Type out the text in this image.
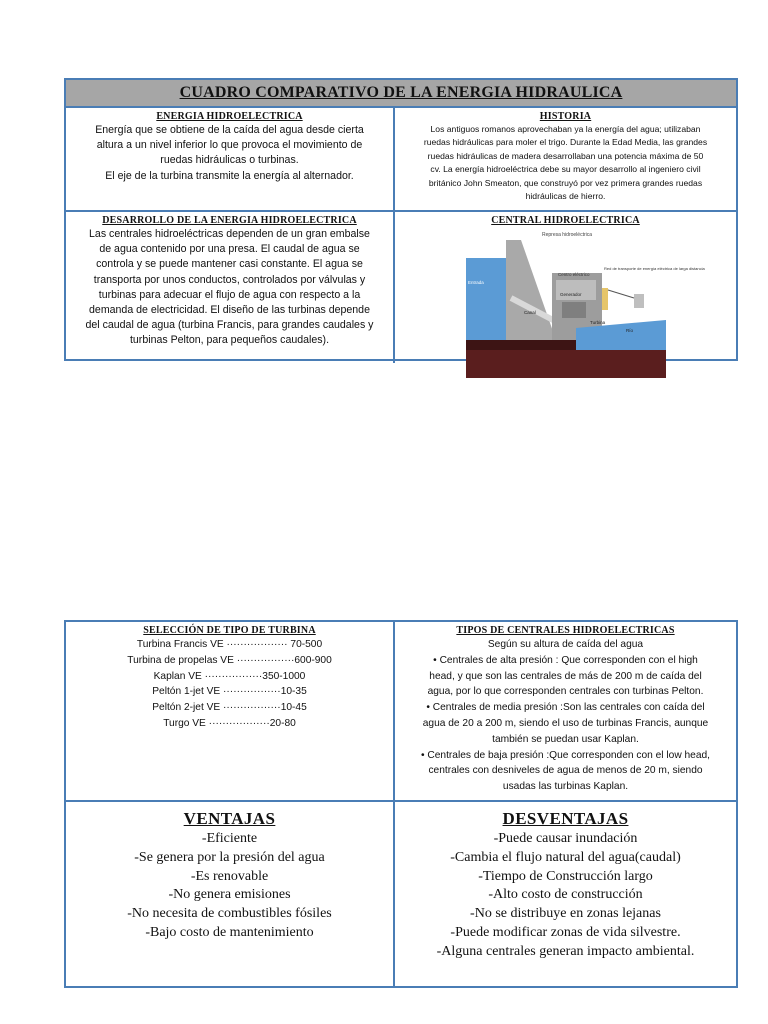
CUADRO COMPARATIVO DE LA ENERGIA HIDRAULICA
ENERGIA HIDROELECTRICA
Energía que se obtiene de la caída del agua desde cierta
altura a un nivel inferior lo que provoca el movimiento de
ruedas hidráulicas o turbinas.
El eje de la turbina transmite la energía al alternador.
HISTORIA
Los antiguos romanos aprovechaban ya la energía del agua; utilizaban
ruedas hidráulicas para moler el trigo. Durante la Edad Media, las grandes
ruedas hidráulicas de madera desarrollaban una potencia máxima de 50
cv. La energía hidroeléctrica debe su mayor desarrollo al ingeniero civil
británico John Smeaton, que construyó por vez primera grandes ruedas
hidráulicas de hierro.
DESARROLLO DE LA ENERGIA HIDROELECTRICA
Las centrales hidroeléctricas dependen de un gran embalse
de agua contenido por una presa. El caudal de agua se
controla y se puede mantener casi constante. El agua se
transporta por unos conductos, controlados por válvulas y
turbinas para adecuar el flujo de agua con respecto a la
demanda de electricidad. El diseño de las turbinas depende
del caudal de agua (turbina Francis, para grandes caudales y
turbinas Pelton, para pequeños caudales).
CENTRAL HIDROELECTRICA
Represa hidroeléctrica
Reservorio
Entrada
Centro eléctrico
Red de transporte de energía eléctrica de larga distancia
Generador
Canal
Turbina
Río
SELECCIÓN DE TIPO DE TURBINA
Turbina Francis VE ·················· 70-500
Turbina de propelas VE ·················600-900
Kaplan VE ·················350-1000
Peltón 1-jet VE ·················10-35
Peltón 2-jet VE ·················10-45
Turgo VE ··················20-80
TIPOS DE CENTRALES HIDROELECTRICAS
Según su altura de caída del agua
• Centrales de alta presión : Que corresponden con el high
head, y que son las centrales de más de 200 m de caída del
agua, por lo que corresponden centrales con turbinas Pelton.
• Centrales de media presión :Son las centrales con caída del
agua de 20 a 200 m, siendo el uso de turbinas Francis, aunque
también se puedan usar Kaplan.
• Centrales de baja presión :Que corresponden con el low head,
centrales con desniveles de agua de menos de 20 m, siendo
usadas las turbinas Kaplan.
VENTAJAS
-Eficiente
-Se genera por la presión del agua
-Es renovable
-No genera emisiones
-No necesita de combustibles fósiles
-Bajo costo de mantenimiento
DESVENTAJAS
-Puede causar inundación
-Cambia el flujo natural del agua(caudal)
-Tiempo de Construcción largo
-Alto costo de construcción
-No se distribuye en zonas lejanas
-Puede modificar zonas de vida silvestre.
-Alguna centrales generan impacto ambiental.
